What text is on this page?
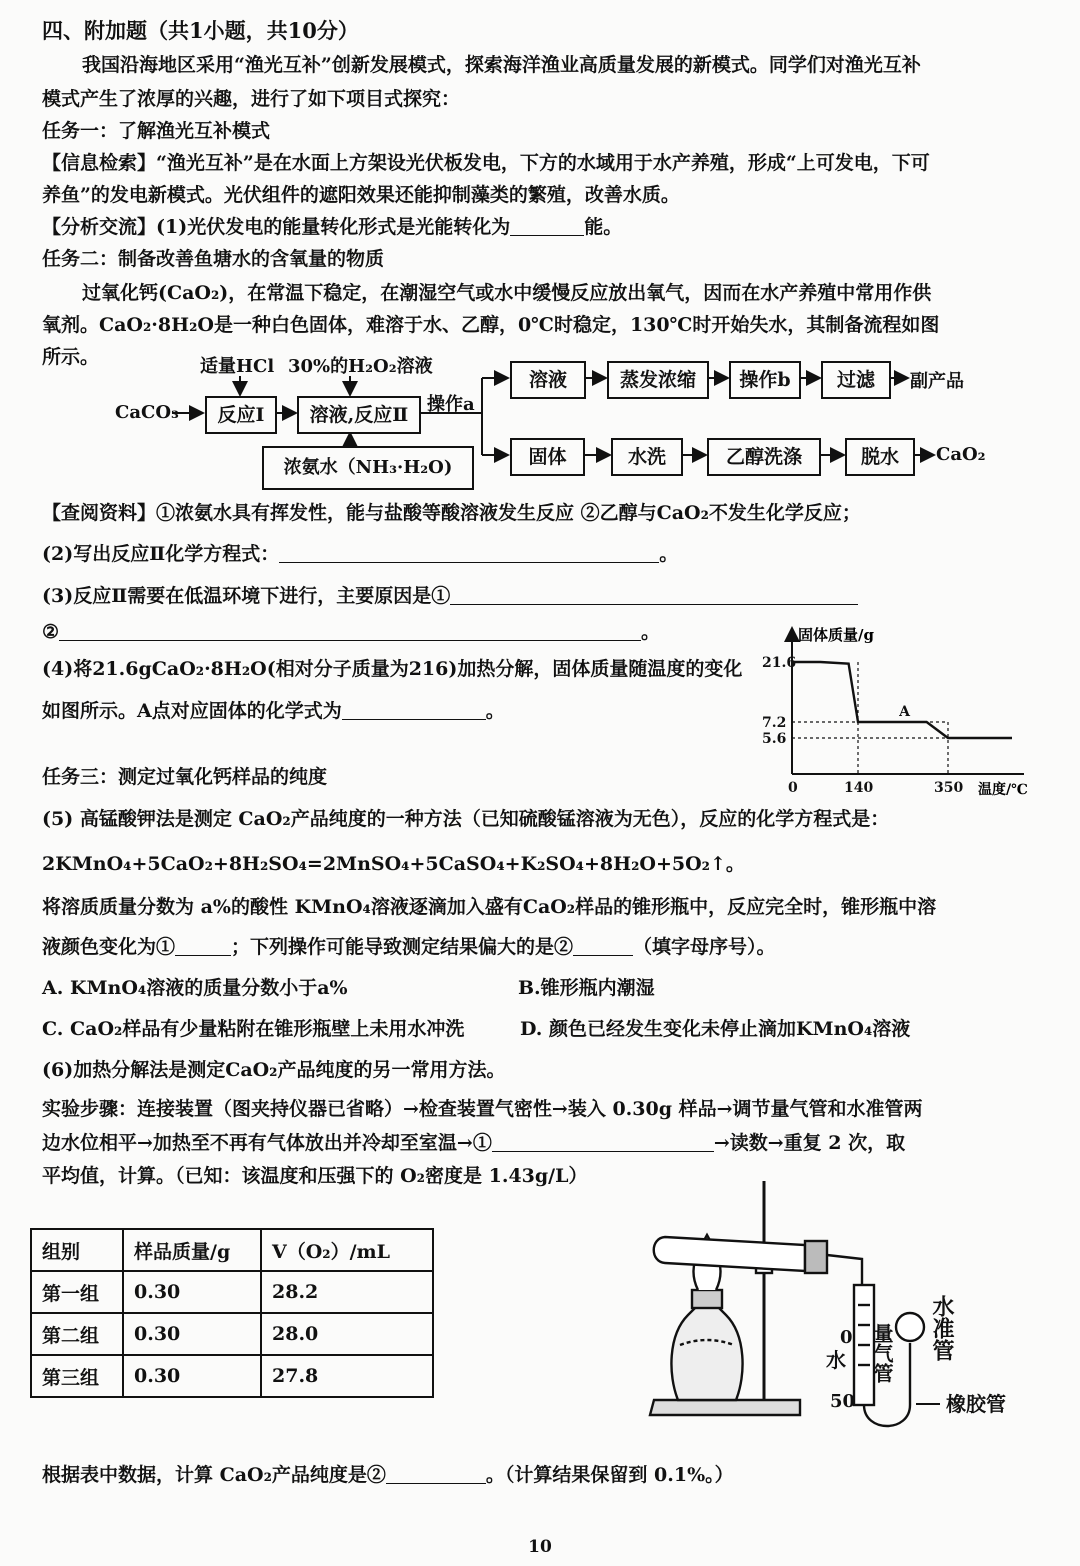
四、附加题（共1小题，共10分）
我国沿海地区采用“渔光互补”创新发展模式，探索海洋渔业高质量发展的新模式。同学们对渔光互补
模式产生了浓厚的兴趣，进行了如下项目式探究：
任务一：了解渔光互补模式
【信息检索】“渔光互补”是在水面上方架设光伏板发电，下方的水域用于水产养殖，形成“上可发电，下可
养鱼”的发电新模式。光伏组件的遮阳效果还能抑制藻类的繁殖，改善水质。
【分析交流】(1)光伏发电的能量转化形式是光能转化为	能。
任务二：制备改善鱼塘水的含氧量的物质
过氧化钙(CaO₂)，在常温下稳定，在潮湿空气或水中缓慢反应放出氧气，因而在水产养殖中常用作供
氧剂。CaO₂·8H₂O是一种白色固体，难溶于水、乙醇，0℃时稳定，130℃时开始失水，其制备流程如图
所示。	适量HCl 30%的H₂O₂溶液
CaCO₃	反应Ⅰ	溶液,反应Ⅱ
浓氨水（NH₃·H₂O)
操作a
溶液	蒸发浓缩	操作b	过滤	副产品
固体	水洗	乙醇洗涤	脱水	CaO₂
【查阅资料】①浓氨水具有挥发性，能与盐酸等酸溶液发生反应 ②乙醇与CaO₂不发生化学反应；
(2)写出反应Ⅱ化学方程式：	。
(3)反应Ⅱ需要在低温环境下进行，主要原因是①
②	。
(4)将21.6gCaO₂·8H₂O(相对分子质量为216)加热分解，固体质量随温度的变化
如图所示。A点对应固体的化学式为	。
21.6
7.2
5.6
0	140	350
A
固体质量/g
温度/℃
任务三：测定过氧化钙样品的纯度
(5) 高锰酸钾法是测定 CaO₂产品纯度的一种方法（已知硫酸锰溶液为无色），反应的化学方程式是：
2KMnO₄+5CaO₂+8H₂SO₄=2MnSO₄+5CaSO₄+K₂SO₄+8H₂O+5O₂↑。
将溶质质量分数为 a%的酸性 KMnO₄溶液逐滴加入盛有CaO₂样品的锥形瓶中，反应完全时，锥形瓶中溶
液颜色变化为①	；下列操作可能导致测定结果偏大的是②	（填字母序号）。
A. KMnO₄溶液的质量分数小于a%	B.锥形瓶内潮湿
C. CaO₂样品有少量粘附在锥形瓶壁上未用水冲洗	D. 颜色已经发生变化未停止滴加KMnO₄溶液
(6)加热分解法是测定CaO₂产品纯度的另一常用方法。
实验步骤：连接装置（图夹持仪器已省略）→检查装置气密性→装入 0.30g 样品→调节量气管和水准管两
边水位相平→加热至不再有气体放出并冷却至室温→①	→读数→重复 2 次，取
平均值，计算。（已知：该温度和压强下的 O₂密度是 1.43g/L）
组别	样品质量/g	V（O₂）/mL
第一组	0.30	28.2
第二组	0.30	28.0
第三组	0.30	27.8
水准管
0
水
50
量气管
橡胶管
根据表中数据，计算 CaO₂产品纯度是②	。（计算结果保留到 0.1%。）
10
